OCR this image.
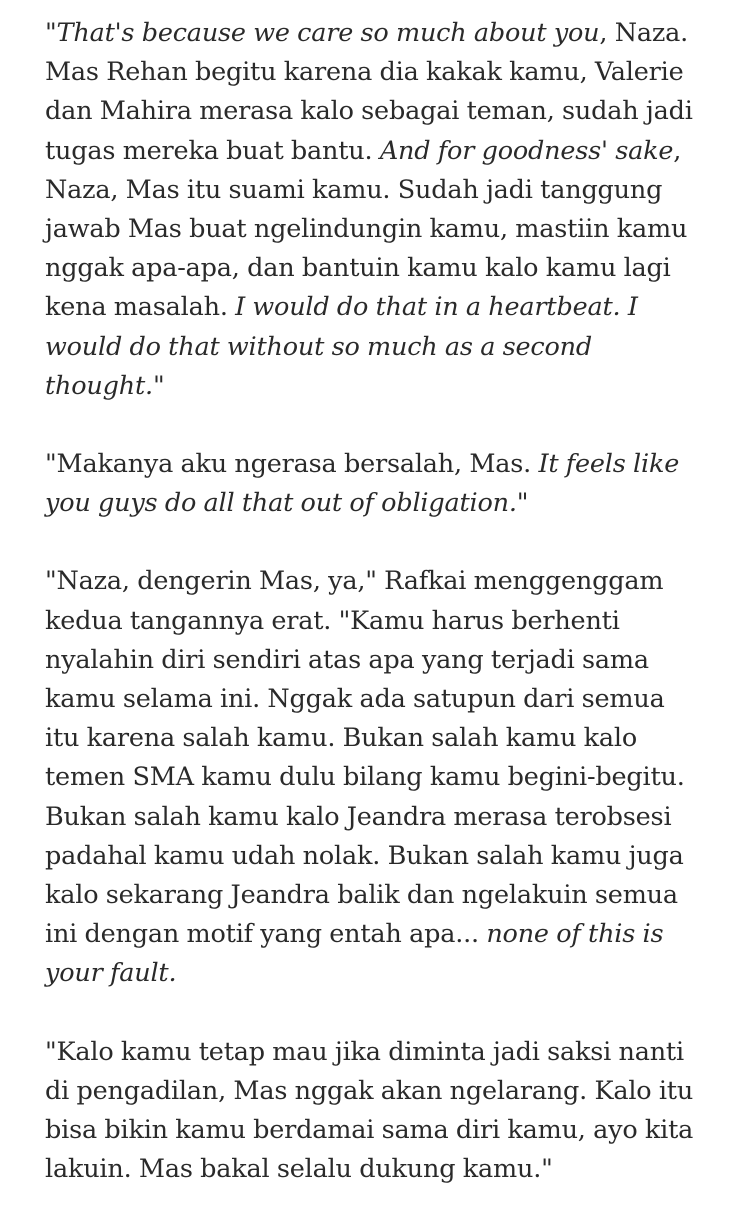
"That's because we care so much about you, Naza. Mas Rehan begitu karena dia kakak kamu, Valerie dan Mahira merasa kalo sebagai teman, sudah jadi tugas mereka buat bantu. And for goodness' sake, Naza, Mas itu suami kamu. Sudah jadi tanggung jawab Mas buat ngelindungin kamu, mastiin kamu nggak apa-apa, dan bantuin kamu kalo kamu lagi kena masalah. I would do that in a heartbeat. I would do that without so much as a second thought."

"Makanya aku ngerasa bersalah, Mas. It feels like you guys do all that out of obligation."

"Naza, dengerin Mas, ya," Rafkai menggenggam kedua tangannya erat. "Kamu harus berhenti nyalahin diri sendiri atas apa yang terjadi sama kamu selama ini. Nggak ada satupun dari semua itu karena salah kamu. Bukan salah kamu kalo temen SMA kamu dulu bilang kamu begini-begitu. Bukan salah kamu kalo Jeandra merasa terobsesi padahal kamu udah nolak. Bukan salah kamu juga kalo sekarang Jeandra balik dan ngelakuin semua ini dengan motif yang entah apa... none of this is your fault.

"Kalo kamu tetap mau jika diminta jadi saksi nanti di pengadilan, Mas nggak akan ngelarang. Kalo itu bisa bikin kamu berdamai sama diri kamu, ayo kita lakuin. Mas bakal selalu dukung kamu."
